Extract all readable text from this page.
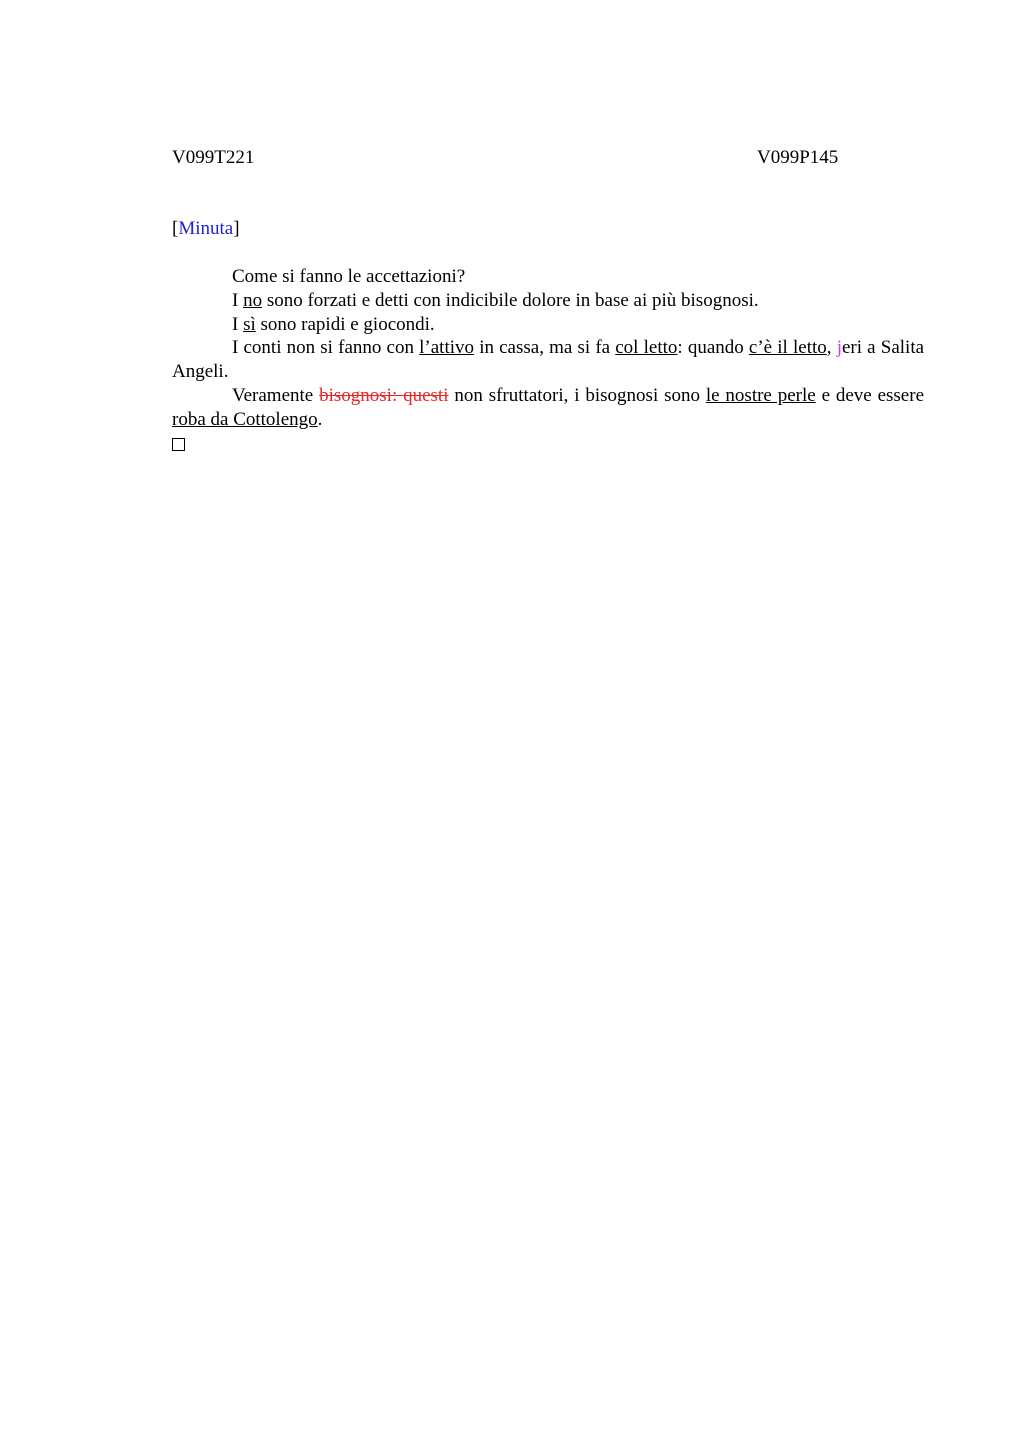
V099T221	V099P145
[Minuta]

Come si fanno le accettazioni?

I no sono forzati e detti con indicibile dolore in base ai più bisognosi.

I sì sono rapidi e giocondi.

I conti non si fanno con l’attivo in cassa, ma si fa col letto: quando c’è il letto, jeri a Salita Angeli.

Veramente bisognosi: questi non sfruttatori, i bisognosi sono le nostre perle e deve essere roba da Cottolengo.
